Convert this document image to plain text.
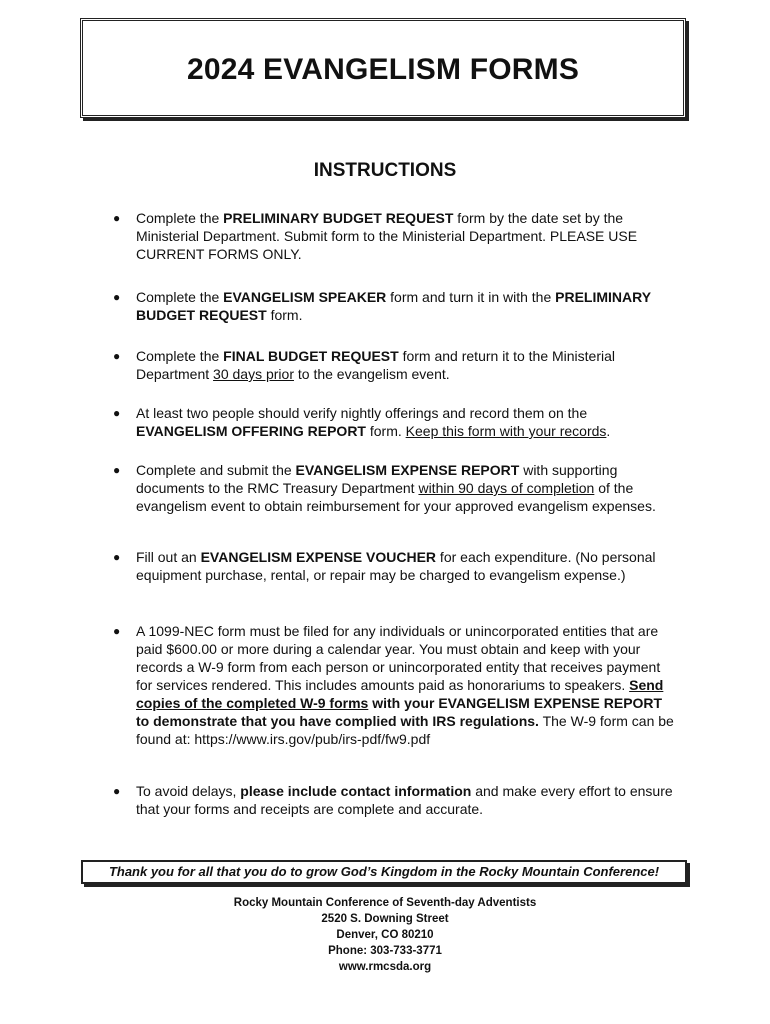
2024 EVANGELISM FORMS
INSTRUCTIONS
● Complete the PRELIMINARY BUDGET REQUEST form by the date set by the Ministerial Department. Submit form to the Ministerial Department. PLEASE USE CURRENT FORMS ONLY.
● Complete the EVANGELISM SPEAKER form and turn it in with the PRELIMINARY BUDGET REQUEST form.
● Complete the FINAL BUDGET REQUEST form and return it to the Ministerial Department 30 days prior to the evangelism event.
● At least two people should verify nightly offerings and record them on the EVANGELISM OFFERING REPORT form. Keep this form with your records.
● Complete and submit the EVANGELISM EXPENSE REPORT with supporting documents to the RMC Treasury Department within 90 days of completion of the evangelism event to obtain reimbursement for your approved evangelism expenses.
● Fill out an EVANGELISM EXPENSE VOUCHER for each expenditure. (No personal equipment purchase, rental, or repair may be charged to evangelism expense.)
● A 1099-NEC form must be filed for any individuals or unincorporated entities that are paid $600.00 or more during a calendar year. You must obtain and keep with your records a W-9 form from each person or unincorporated entity that receives payment for services rendered. This includes amounts paid as honorariums to speakers. Send copies of the completed W-9 forms with your EVANGELISM EXPENSE REPORT to demonstrate that you have complied with IRS regulations. The W-9 form can be found at: https://www.irs.gov/pub/irs-pdf/fw9.pdf
● To avoid delays, please include contact information and make every effort to ensure that your forms and receipts are complete and accurate.
Thank you for all that you do to grow God’s Kingdom in the Rocky Mountain Conference!
Rocky Mountain Conference of Seventh-day Adventists
2520 S. Downing Street
Denver, CO 80210
Phone: 303-733-3771
www.rmcsda.org
